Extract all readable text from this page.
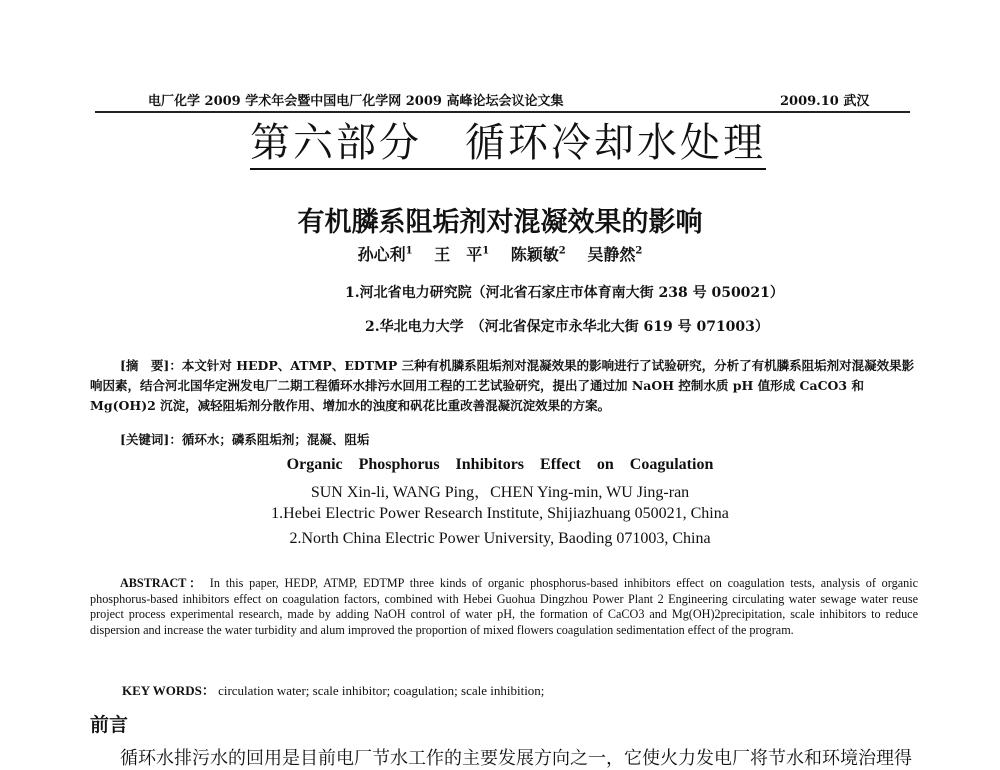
电厂化学 2009 学术年会暨中国电厂化学网 2009 高峰论坛会议论文集	2009.10 武汉
第六部分　循环冷却水处理
有机膦系阻垢剂对混凝效果的影响
孙心利$^1$　 王　平$^1$　 陈颖敏$^2$　 吴静然$^2$
1.河北省电力研究院（河北省石家庄市体育南大街 238 号 050021）
2.华北电力大学　（河北省保定市永华北大街 619 号 071003）
[摘　要]：本文针对 HEDP、ATMP、EDTMP 三种有机膦系阻垢剂对混凝效果的影响进行了试验研究，分析了有机膦系阻垢剂对混凝效果影响因素，结合河北国华定洲发电厂二期工程循环水排污水回用工程的工艺试验研究，提出了通过加 NaOH 控制水质 pH 值形成 CaCO3 和 Mg(OH)2 沉淀，减轻阻垢剂分散作用、增加水的浊度和矾花比重改善混凝沉淀效果的方案。
[关键词]：循环水；磷系阻垢剂；混凝、阻垢
Organic Phosphorus Inhibitors Effect on Coagulation
SUN Xin-li, WANG Ping，CHEN Ying-min, WU Jing-ran
1.Hebei Electric Power Research Institute, Shijiazhuang 050021, China
2.North China Electric Power University, Baoding 071003, China
ABSTRACT： In this paper, HEDP, ATMP, EDTMP three kinds of organic phosphorus-based inhibitors effect on coagulation tests, analysis of organic phosphorus-based inhibitors effect on coagulation factors, combined with Hebei Guohua Dingzhou Power Plant 2 Engineering circulating water sewage water reuse project process experimental research, made by adding NaOH control of water pH, the formation of CaCO3 and Mg(OH)2precipitation, scale inhibitors to reduce dispersion and increase the water turbidity and alum improved the proportion of mixed flowers coagulation sedimentation effect of the program.
KEY WORDS： circulation water; scale inhibitor; coagulation; scale inhibition;
前言
循环水排污水的回用是目前电厂节水工作的主要发展方向之一，它使火力发电厂将节水和环境治理得
